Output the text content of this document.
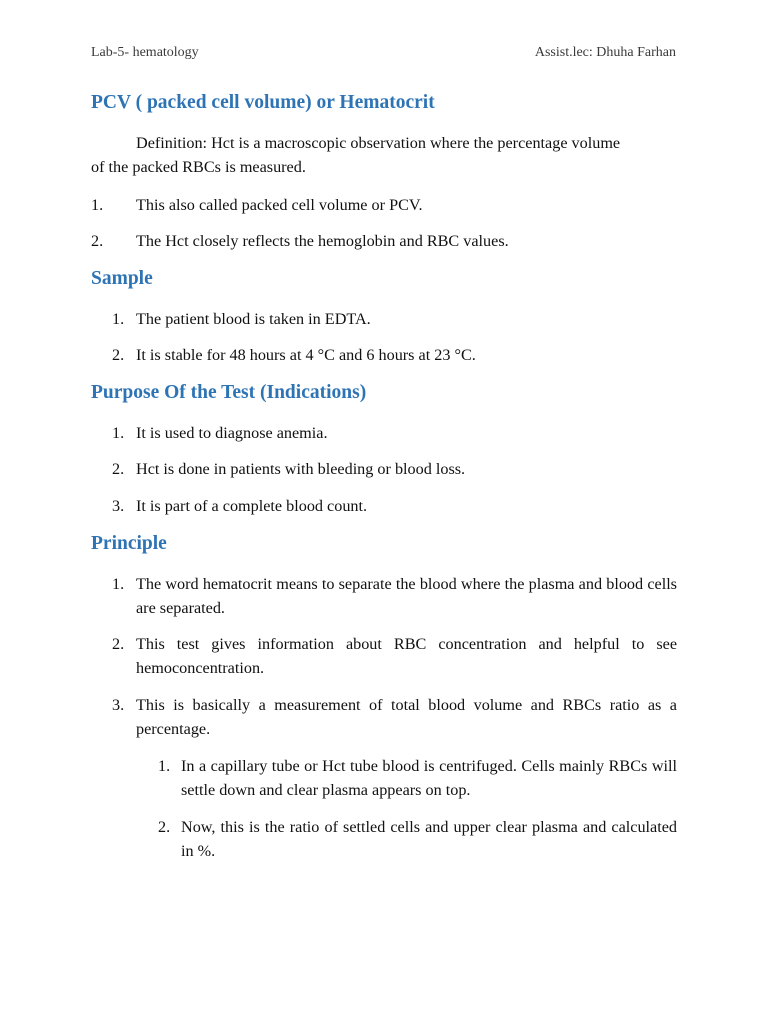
Lab-5- hematology	Assist.lec: Dhuha Farhan
PCV ( packed cell volume) or Hematocrit
Definition: Hct is a macroscopic observation where the percentage volume
of the packed RBCs is measured.
1. This also called packed cell volume or PCV.
2. The Hct closely reflects the hemoglobin and RBC values.
Sample
1. The patient blood is taken in EDTA.
2. It is stable for 48 hours at 4 °C and 6 hours at 23 °C.
Purpose Of the Test (Indications)
1. It is used to diagnose anemia.
2. Hct is done in patients with bleeding or blood loss.
3. It is part of a complete blood count.
Principle
1. The word hematocrit means to separate the blood where the plasma and blood cells are separated.
2. This test gives information about RBC concentration and helpful to see hemoconcentration.
3. This is basically a measurement of total blood volume and RBCs ratio as a percentage.
1. In a capillary tube or Hct tube blood is centrifuged. Cells mainly RBCs will settle down and clear plasma appears on top.
2. Now, this is the ratio of settled cells and upper clear plasma and calculated in %.
